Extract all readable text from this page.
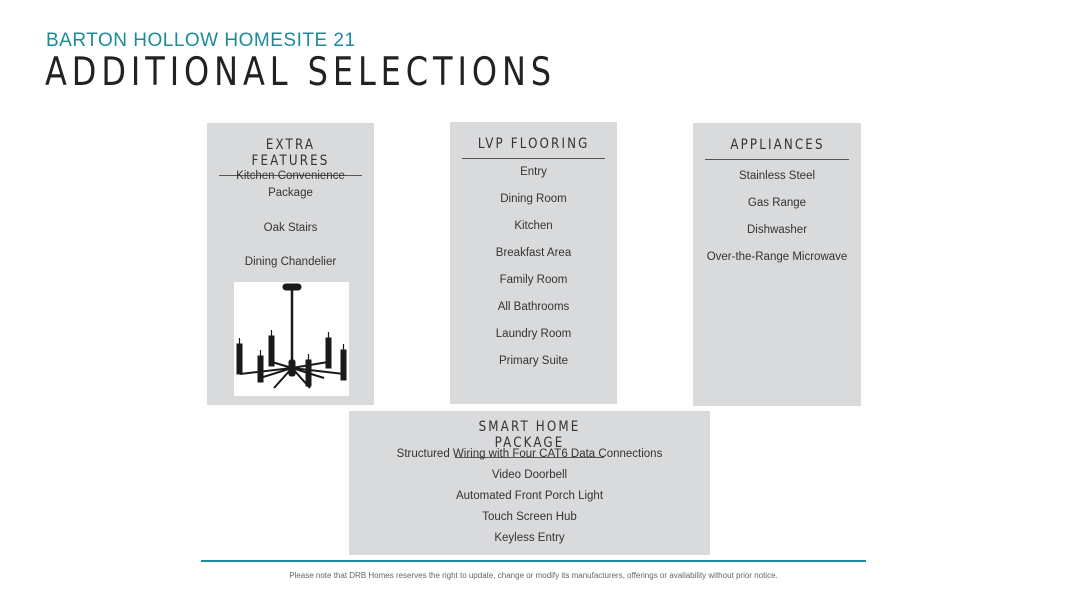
BARTON HOLLOW HOMESITE 21
ADDITIONAL SELECTIONS
EXTRA FEATURES
Kitchen Convenience Package
Oak Stairs
Dining Chandelier
LVP FLOORING
Entry
Dining Room
Kitchen
Breakfast Area
Family Room
All Bathrooms
Laundry Room
Primary Suite
APPLIANCES
Stainless Steel
Gas Range
Dishwasher
Over-the-Range Microwave
SMART HOME PACKAGE
Structured Wiring with Four CAT6 Data Connections
Video Doorbell
Automated Front Porch Light
Touch Screen Hub
Keyless Entry
Please note that DRB Homes reserves the right to update, change or modify its manufacturers, offerings or availability without prior notice.
